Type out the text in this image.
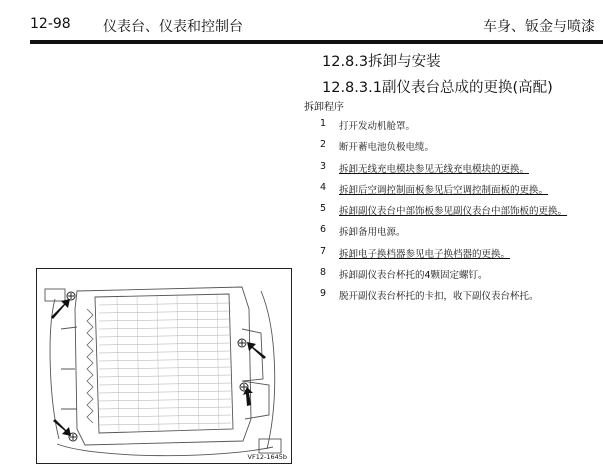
12-98 仪表台、仪表和控制台	车身、钣金与喷漆
12.8.3拆卸与安装
12.8.3.1副仪表台总成的更换(高配)
拆卸程序
1	打开发动机舱罩。
2	断开蓄电池负极电缆。
3	拆卸无线充电模块参见无线充电模块的更换。
4	拆卸后空调控制面板参见后空调控制面板的更换。
5	拆卸副仪表台中部饰板参见副仪表台中部饰板的更换。
6	拆卸备用电源。
7	拆卸电子换档器参见电子换档器的更换。
8	拆卸副仪表台杯托的4颗固定螺钉。
9	脱开副仪表台杯托的卡扣，收下副仪表台杯托。
VF12-1645b
